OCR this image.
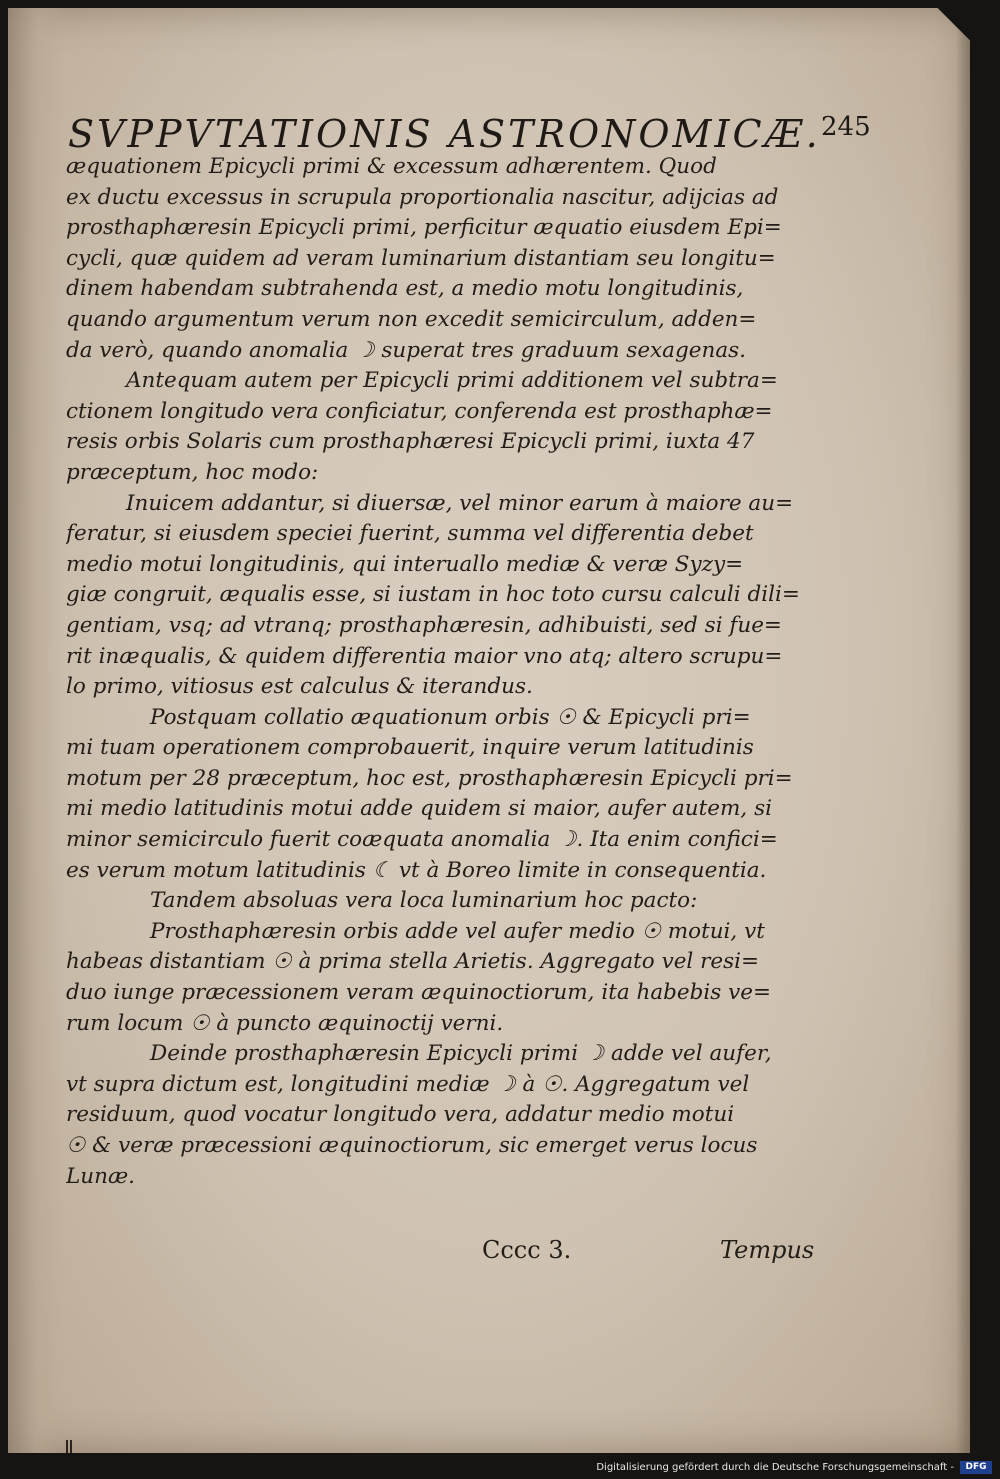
SVPPVTATIONIS ASTRONOMICÆ. 245
æquationem Epicycli primi & excessum adhærentem. Quod
ex ductu excessus in scrupula proportionalia nascitur, adijcias ad
prosthaphæresin Epicycli primi, perficitur æquatio eiusdem Epi=
cycli, quæ quidem ad veram luminarium distantiam seu longitu=
dinem habendam subtrahenda est, a medio motu longitudinis,
quando argumentum verum non excedit semicirculum, adden=
da verò, quando anomalia ☽ superat tres graduum sexagenas.
Antequam autem per Epicycli primi additionem vel subtra=
ctionem longitudo vera conficiatur, conferenda est prosthaphæ=
resis orbis Solaris cum prosthaphæresi Epicycli primi, iuxta 47
præceptum, hoc modo:
Inuicem addantur, si diuersæ, vel minor earum à maiore au=
feratur, si eiusdem speciei fuerint, summa vel differentia debet
medio motui longitudinis, qui interuallo mediæ & veræ Syzy=
giæ congruit, æqualis esse, si iustam in hoc toto cursu calculi dili=
gentiam, vsq; ad vtranq; prosthaphæresin, adhibuisti, sed si fue=
rit inæqualis, & quidem differentia maior vno atq; altero scrupu=
lo primo, vitiosus est calculus & iterandus.
Postquam collatio æquationum orbis ☉ & Epicycli pri=
mi tuam operationem comprobauerit, inquire verum latitudinis
motum per 28 præceptum, hoc est, prosthaphæresin Epicycli pri=
mi medio latitudinis motui adde quidem si maior, aufer autem, si
minor semicirculo fuerit coæquata anomalia ☽. Ita enim confici=
es verum motum latitudinis ☾ vt à Boreo limite in consequentia.
Tandem absoluas vera loca luminarium hoc pacto:
Prosthaphæresin orbis adde vel aufer medio ☉ motui, vt
habeas distantiam ☉ à prima stella Arietis. Aggregato vel resi=
duo iunge præcessionem veram æquinoctiorum, ita habebis ve=
rum locum ☉ à puncto æquinoctij verni.
Deinde prosthaphæresin Epicycli primi ☽ adde vel aufer,
vt supra dictum est, longitudini mediæ ☽ à ☉. Aggregatum vel
residuum, quod vocatur longitudo vera, addatur medio motui
☉ & veræ præcessioni æquinoctiorum, sic emerget verus locus
Lunæ.
Cccc 3.	Tempus
Digitalisierung gefördert durch die Deutsche Forschungsgemeinschaft -	DFG
